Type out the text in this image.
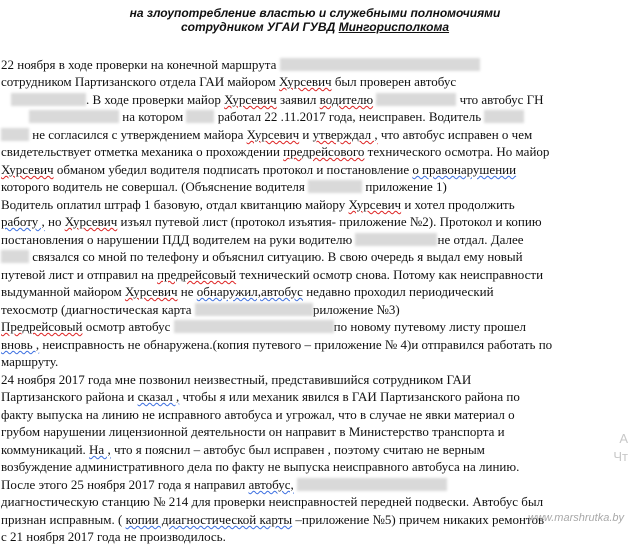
на злоупотребление властью и служебными полномочиями
сотрудником УГАИ ГУВД Мингорисполкома
22 ноября в ходе проверки на конечной маршрута
сотрудником Партизанского отдела ГАИ майором Хурсевич был проверен автобус
. В ходе проверки майор Хурсевич заявил водителю	что автобус ГН
на котором  работал 22 .11.2017 года, неисправен. Водитель
не согласился с утверждением майора Хурсевич и утверждал , что автобус исправен о чем
свидетельствует отметка механика о прохождении предрейсового технического осмотра. Но майор
Хурсевич обманом убедил водителя подписать протокол и постановление о правонарушении
которого водитель не совершал. (Объяснение водителя	приложение 1)
Водитель оплатил штраф 1 базовую, отдал квитанцию майору Хурсевич и хотел продолжить
работу , но Хурсевич изъял путевой лист (протокол изъятия- приложение №2). Протокол и копию
постановления о нарушении ПДД водителем на руки водителю	не отдал. Далее
связался со мной по телефону и объяснил ситуацию. В свою очередь я выдал ему новый
путевой лист и отправил на предрейсовый технический осмотр снова. Потому как неисправности
выдуманной майором Хурсевич не обнаружил,автобус недавно проходил периодический
техосмотр (диагностическая карта	риложение №3)
Предрейсовый осмотр автобус	по новому путевому листу прошел
вновь , неисправность не обнаружена.(копия путевого – приложение № 4)и отправился работать по
маршруту.
24 ноября 2017 года мне позвонил неизвестный, представившийся сотрудником ГАИ
Партизанского района и сказал , чтобы я или механик явился в ГАИ Партизанского района по
факту выпуска на линию не исправного автобуса и угрожал, что в случае не явки материал о
грубом нарушении лицензионной деятельности он направит в Министерство транспорта и
коммуникаций. На , что я пояснил – автобус был исправен , поэтому считаю не верным
возбуждение административного дела по факту не выпуска неисправного автобуса на линию.
После этого 25 ноября 2017 года я направил автобус,
диагностическую станцию № 214 для проверки неисправностей передней подвески. Автобус был
признан исправным. ( копии диагностической карты –приложение №5) причем никаких ремонтов
с 21 ноября 2017 года не производилось.
А
Чт
www.marshrutka.by
